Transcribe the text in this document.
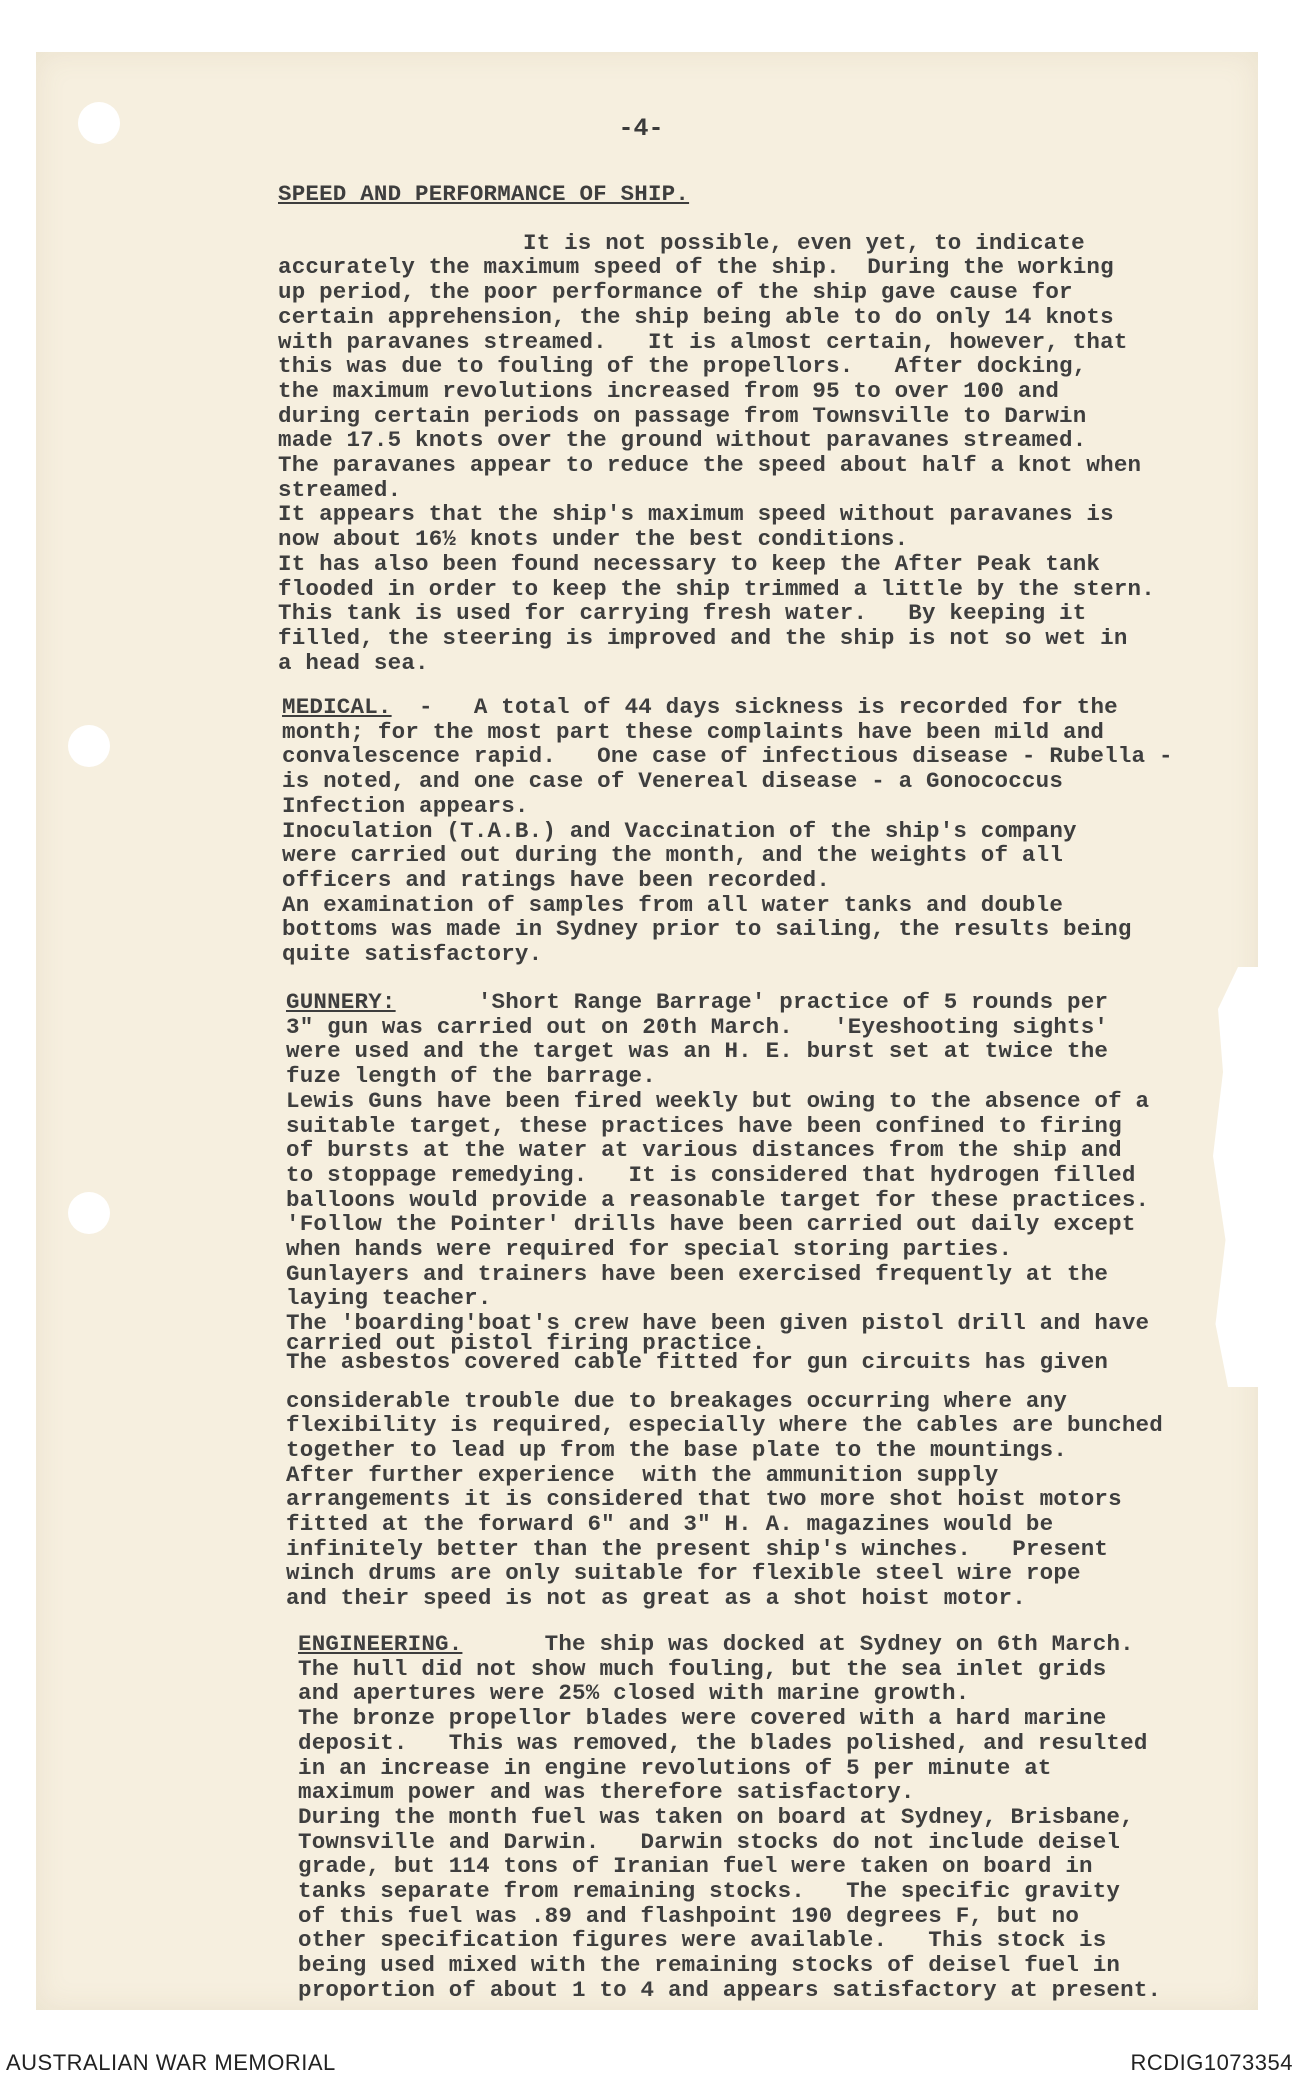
-4-
SPEED AND PERFORMANCE OF SHIP.
It is not possible, even yet, to indicate
accurately the maximum speed of the ship.  During the working
up period, the poor performance of the ship gave cause for
certain apprehension, the ship being able to do only 14 knots
with paravanes streamed.   It is almost certain, however, that
this was due to fouling of the propellors.   After docking,
the maximum revolutions increased from 95 to over 100 and
during certain periods on passage from Townsville to Darwin
made 17.5 knots over the ground without paravanes streamed.
The paravanes appear to reduce the speed about half a knot when
streamed.
It appears that the ship's maximum speed without paravanes is
now about 16½ knots under the best conditions.
It has also been found necessary to keep the After Peak tank
flooded in order to keep the ship trimmed a little by the stern.
This tank is used for carrying fresh water.   By keeping it
filled, the steering is improved and the ship is not so wet in
a head sea.
MEDICAL.  -   A total of 44 days sickness is recorded for the
month; for the most part these complaints have been mild and
convalescence rapid.   One case of infectious disease - Rubella -
is noted, and one case of Venereal disease - a Gonococcus
Infection appears.
Inoculation (T.A.B.) and Vaccination of the ship's company
were carried out during the month, and the weights of all
officers and ratings have been recorded.
An examination of samples from all water tanks and double
bottoms was made in Sydney prior to sailing, the results being
quite satisfactory.
GUNNERY:	'Short Range Barrage' practice of 5 rounds per
3" gun was carried out on 20th March.   'Eyeshooting sights'
were used and the target was an H. E. burst set at twice the
fuze length of the barrage.
Lewis Guns have been fired weekly but owing to the absence of a
suitable target, these practices have been confined to firing
of bursts at the water at various distances from the ship and
to stoppage remedying.   It is considered that hydrogen filled
balloons would provide a reasonable target for these practices.
'Follow the Pointer' drills have been carried out daily except
when hands were required for special storing parties.
Gunlayers and trainers have been exercised frequently at the
laying teacher.
The 'boarding'boat's crew have been given pistol drill and have
carried out pistol firing practice.
The asbestos covered cable fitted for gun circuits has given
considerable trouble due to breakages occurring where any
flexibility is required, especially where the cables are bunched
together to lead up from the base plate to the mountings.
After further experience  with the ammunition supply
arrangements it is considered that two more shot hoist motors
fitted at the forward 6" and 3" H. A. magazines would be
infinitely better than the present ship's winches.   Present
winch drums are only suitable for flexible steel wire rope
and their speed is not as great as a shot hoist motor.
ENGINEERING.	The ship was docked at Sydney on 6th March.
The hull did not show much fouling, but the sea inlet grids
and apertures were 25% closed with marine growth.
The bronze propellor blades were covered with a hard marine
deposit.   This was removed, the blades polished, and resulted
in an increase in engine revolutions of 5 per minute at
maximum power and was therefore satisfactory.
During the month fuel was taken on board at Sydney, Brisbane,
Townsville and Darwin.   Darwin stocks do not include deisel
grade, but 114 tons of Iranian fuel were taken on board in
tanks separate from remaining stocks.   The specific gravity
of this fuel was .89 and flashpoint 190 degrees F, but no
other specification figures were available.   This stock is
being used mixed with the remaining stocks of deisel fuel in
proportion of about 1 to 4 and appears satisfactory at present.
AUSTRALIAN WAR MEMORIAL	RCDIG1073354
